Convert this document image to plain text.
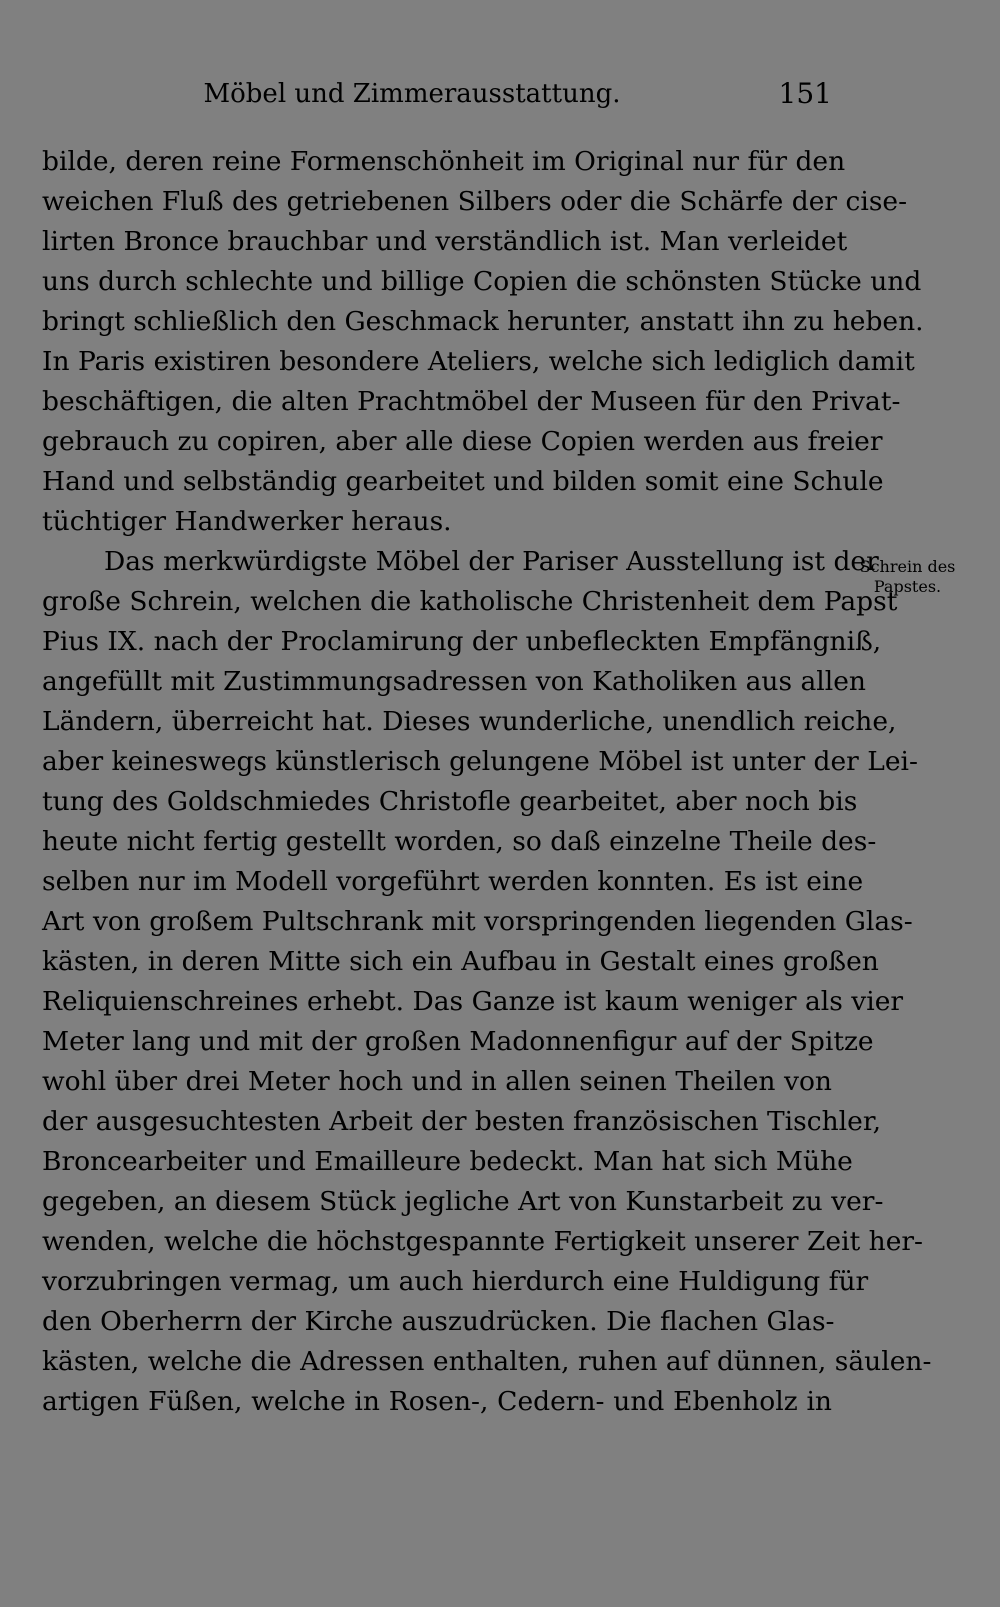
Möbel und Zimmerausstattung.	151
bilde, deren reine Formenschönheit im Original nur für den
weichen Fluß des getriebenen Silbers oder die Schärfe der cise-
lirten Bronce brauchbar und verständlich ist. Man verleidet
uns durch schlechte und billige Copien die schönsten Stücke und
bringt schließlich den Geschmack herunter, anstatt ihn zu heben.
In Paris existiren besondere Ateliers, welche sich lediglich damit
beschäftigen, die alten Prachtmöbel der Museen für den Privat-
gebrauch zu copiren, aber alle diese Copien werden aus freier
Hand und selbständig gearbeitet und bilden somit eine Schule
tüchtiger Handwerker heraus.
Das merkwürdigste Möbel der Pariser Ausstellung ist der
große Schrein, welchen die katholische Christenheit dem Papst
Pius IX. nach der Proclamirung der unbefleckten Empfängniß,
angefüllt mit Zustimmungsadressen von Katholiken aus allen
Ländern, überreicht hat. Dieses wunderliche, unendlich reiche,
aber keineswegs künstlerisch gelungene Möbel ist unter der Lei-
tung des Goldschmiedes Christofle gearbeitet, aber noch bis
heute nicht fertig gestellt worden, so daß einzelne Theile des-
selben nur im Modell vorgeführt werden konnten. Es ist eine
Art von großem Pultschrank mit vorspringenden liegenden Glas-
kästen, in deren Mitte sich ein Aufbau in Gestalt eines großen
Reliquienschreines erhebt. Das Ganze ist kaum weniger als vier
Meter lang und mit der großen Madonnenfigur auf der Spitze
wohl über drei Meter hoch und in allen seinen Theilen von
der ausgesuchtesten Arbeit der besten französischen Tischler,
Broncearbeiter und Emailleure bedeckt. Man hat sich Mühe
gegeben, an diesem Stück jegliche Art von Kunstarbeit zu ver-
wenden, welche die höchstgespannte Fertigkeit unserer Zeit her-
vorzubringen vermag, um auch hierdurch eine Huldigung für
den Oberherrn der Kirche auszudrücken. Die flachen Glas-
kästen, welche die Adressen enthalten, ruhen auf dünnen, säulen-
artigen Füßen, welche in Rosen-, Cedern- und Ebenholz in
Schrein des
Papstes.
